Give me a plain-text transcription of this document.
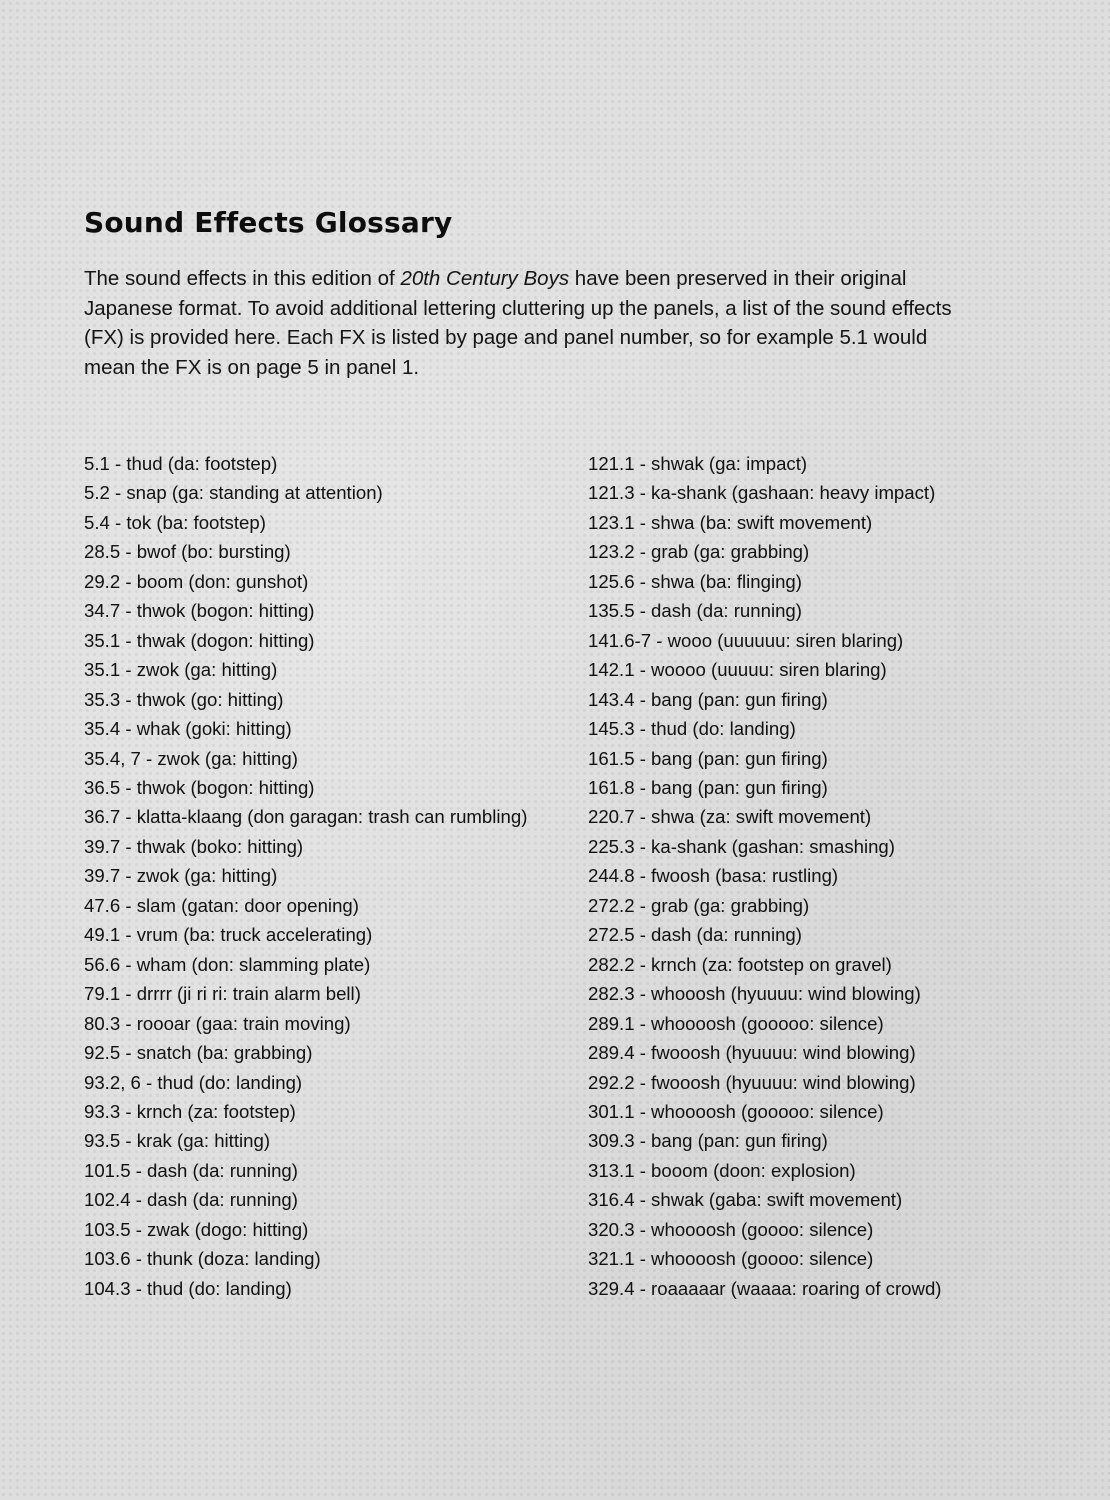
Sound Effects Glossary

The sound effects in this edition of 20th Century Boys have been preserved in their original Japanese format. To avoid additional lettering cluttering up the panels, a list of the sound effects (FX) is provided here. Each FX is listed by page and panel number, so for example 5.1 would mean the FX is on page 5 in panel 1.

5.1 - thud (da: footstep)
5.2 - snap (ga: standing at attention)
5.4 - tok (ba: footstep)
28.5 - bwof (bo: bursting)
29.2 - boom (don: gunshot)
34.7 - thwok (bogon: hitting)
35.1 - thwak (dogon: hitting)
35.1 - zwok (ga: hitting)
35.3 - thwok (go: hitting)
35.4 - whak (goki: hitting)
35.4, 7 - zwok (ga: hitting)
36.5 - thwok (bogon: hitting)
36.7 - klatta-klaang (don garagan: trash can rumbling)
39.7 - thwak (boko: hitting)
39.7 - zwok (ga: hitting)
47.6 - slam (gatan: door opening)
49.1 - vrum (ba: truck accelerating)
56.6 - wham (don: slamming plate)
79.1 - drrrr (ji ri ri: train alarm bell)
80.3 - roooar (gaa: train moving)
92.5 - snatch (ba: grabbing)
93.2, 6 - thud (do: landing)
93.3 - krnch (za: footstep)
93.5 - krak (ga: hitting)
101.5 - dash (da: running)
102.4 - dash (da: running)
103.5 - zwak (dogo: hitting)
103.6 - thunk (doza: landing)
104.3 - thud (do: landing)
121.1 - shwak (ga: impact)
121.3 - ka-shank (gashaan: heavy impact)
123.1 - shwa (ba: swift movement)
123.2 - grab (ga: grabbing)
125.6 - shwa (ba: flinging)
135.5 - dash (da: running)
141.6-7 - wooo (uuuuuu: siren blaring)
142.1 - woooo (uuuuu: siren blaring)
143.4 - bang (pan: gun firing)
145.3 - thud (do: landing)
161.5 - bang (pan: gun firing)
161.8 - bang (pan: gun firing)
220.7 - shwa (za: swift movement)
225.3 - ka-shank (gashan: smashing)
244.8 - fwoosh (basa: rustling)
272.2 - grab (ga: grabbing)
272.5 - dash (da: running)
282.2 - krnch (za: footstep on gravel)
282.3 - whooosh (hyuuuu: wind blowing)
289.1 - whoooosh (gooooo: silence)
289.4 - fwooosh (hyuuuu: wind blowing)
292.2 - fwooosh (hyuuuu: wind blowing)
301.1 - whoooosh (gooooo: silence)
309.3 - bang (pan: gun firing)
313.1 - booom (doon: explosion)
316.4 - shwak (gaba: swift movement)
320.3 - whoooosh (goooo: silence)
321.1 - whoooosh (goooo: silence)
329.4 - roaaaaar (waaaa: roaring of crowd)
